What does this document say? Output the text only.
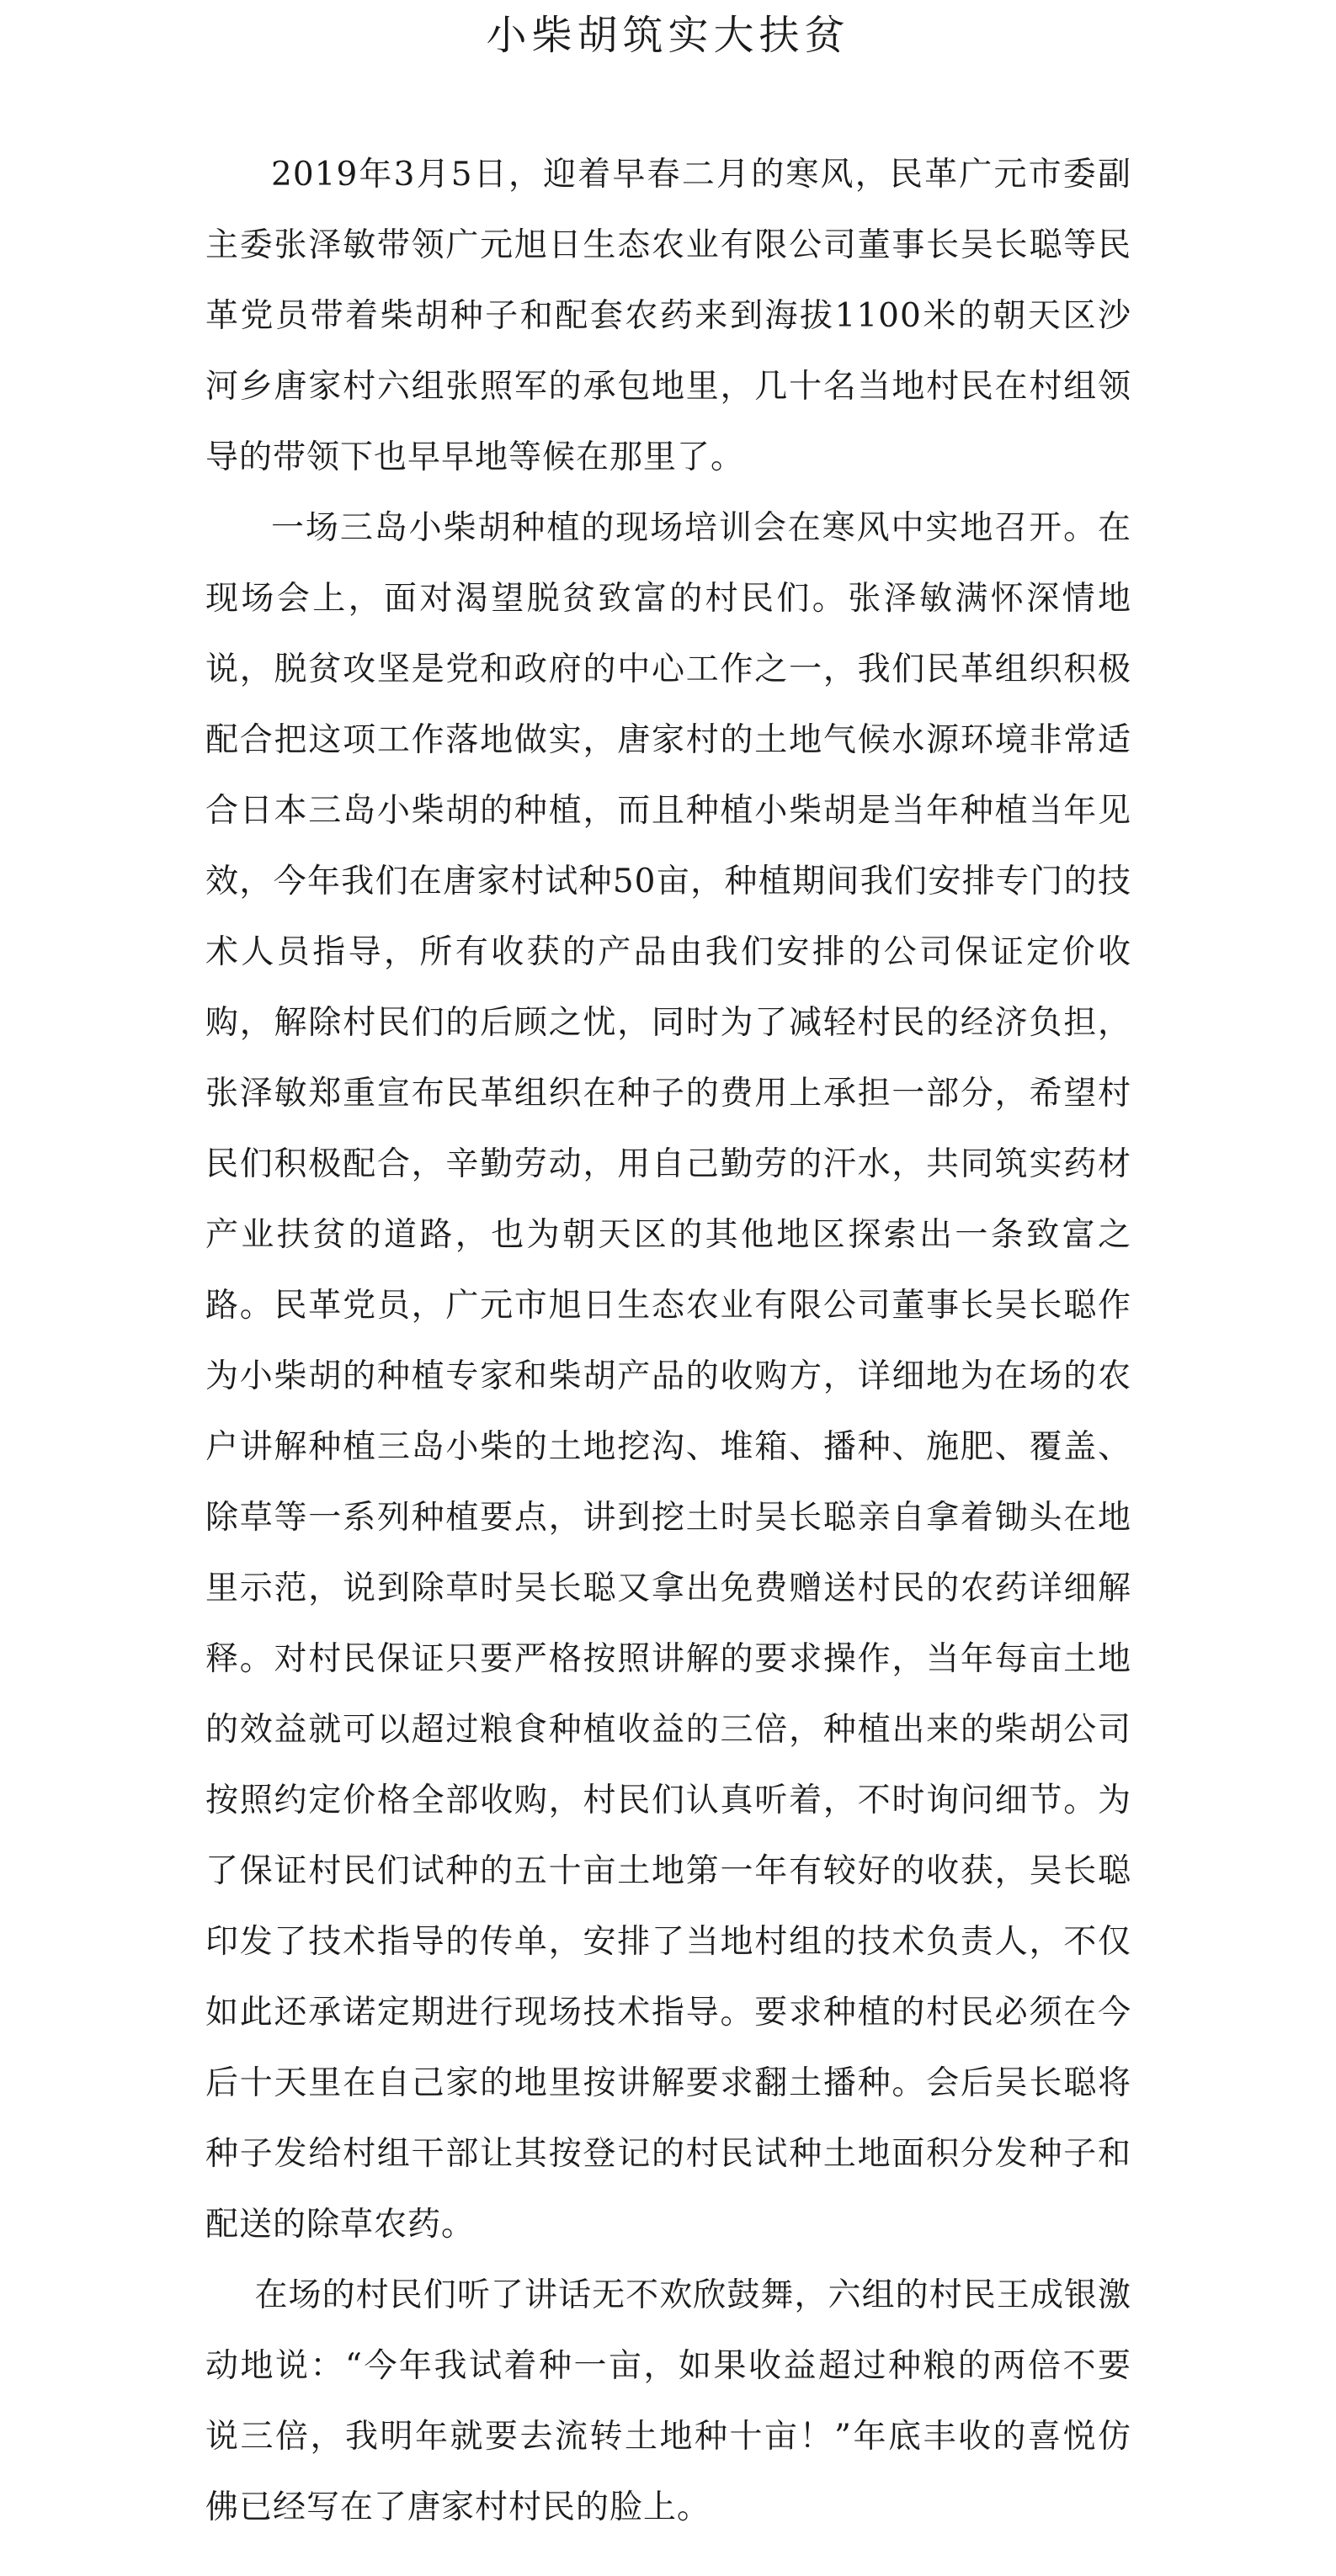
小柴胡筑实大扶贫

2019年3月5日，迎着早春二月的寒风，民革广元市委副主委张泽敏带领广元旭日生态农业有限公司董事长吴长聪等民革党员带着柴胡种子和配套农药来到海拔1100米的朝天区沙河乡唐家村六组张照军的承包地里，几十名当地村民在村组领导的带领下也早早地等候在那里了。

一场三岛小柴胡种植的现场培训会在寒风中实地召开。在现场会上，面对渴望脱贫致富的村民们。张泽敏满怀深情地说，脱贫攻坚是党和政府的中心工作之一，我们民革组织积极配合把这项工作落地做实，唐家村的土地气候水源环境非常适合日本三岛小柴胡的种植，而且种植小柴胡是当年种植当年见效，今年我们在唐家村试种50亩，种植期间我们安排专门的技术人员指导，所有收获的产品由我们安排的公司保证定价收购，解除村民们的后顾之忧，同时为了减轻村民的经济负担，张泽敏郑重宣布民革组织在种子的费用上承担一部分，希望村民们积极配合，辛勤劳动，用自己勤劳的汗水，共同筑实药材产业扶贫的道路，也为朝天区的其他地区探索出一条致富之路。民革党员，广元市旭日生态农业有限公司董事长吴长聪作为小柴胡的种植专家和柴胡产品的收购方，详细地为在场的农户讲解种植三岛小柴的土地挖沟、堆箱、播种、施肥、覆盖、除草等一系列种植要点，讲到挖土时吴长聪亲自拿着锄头在地里示范，说到除草时吴长聪又拿出免费赠送村民的农药详细解释。对村民保证只要严格按照讲解的要求操作，当年每亩土地的效益就可以超过粮食种植收益的三倍，种植出来的柴胡公司按照约定价格全部收购，村民们认真听着，不时询问细节。为了保证村民们试种的五十亩土地第一年有较好的收获，吴长聪印发了技术指导的传单，安排了当地村组的技术负责人，不仅如此还承诺定期进行现场技术指导。要求种植的村民必须在今后十天里在自己家的地里按讲解要求翻土播种。会后吴长聪将种子发给村组干部让其按登记的村民试种土地面积分发种子和配送的除草农药。

在场的村民们听了讲话无不欢欣鼓舞，六组的村民王成银激动地说：“今年我试着种一亩，如果收益超过种粮的两倍不要说三倍，我明年就要去流转土地种十亩！”年底丰收的喜悦仿佛已经写在了唐家村村民的脸上。
